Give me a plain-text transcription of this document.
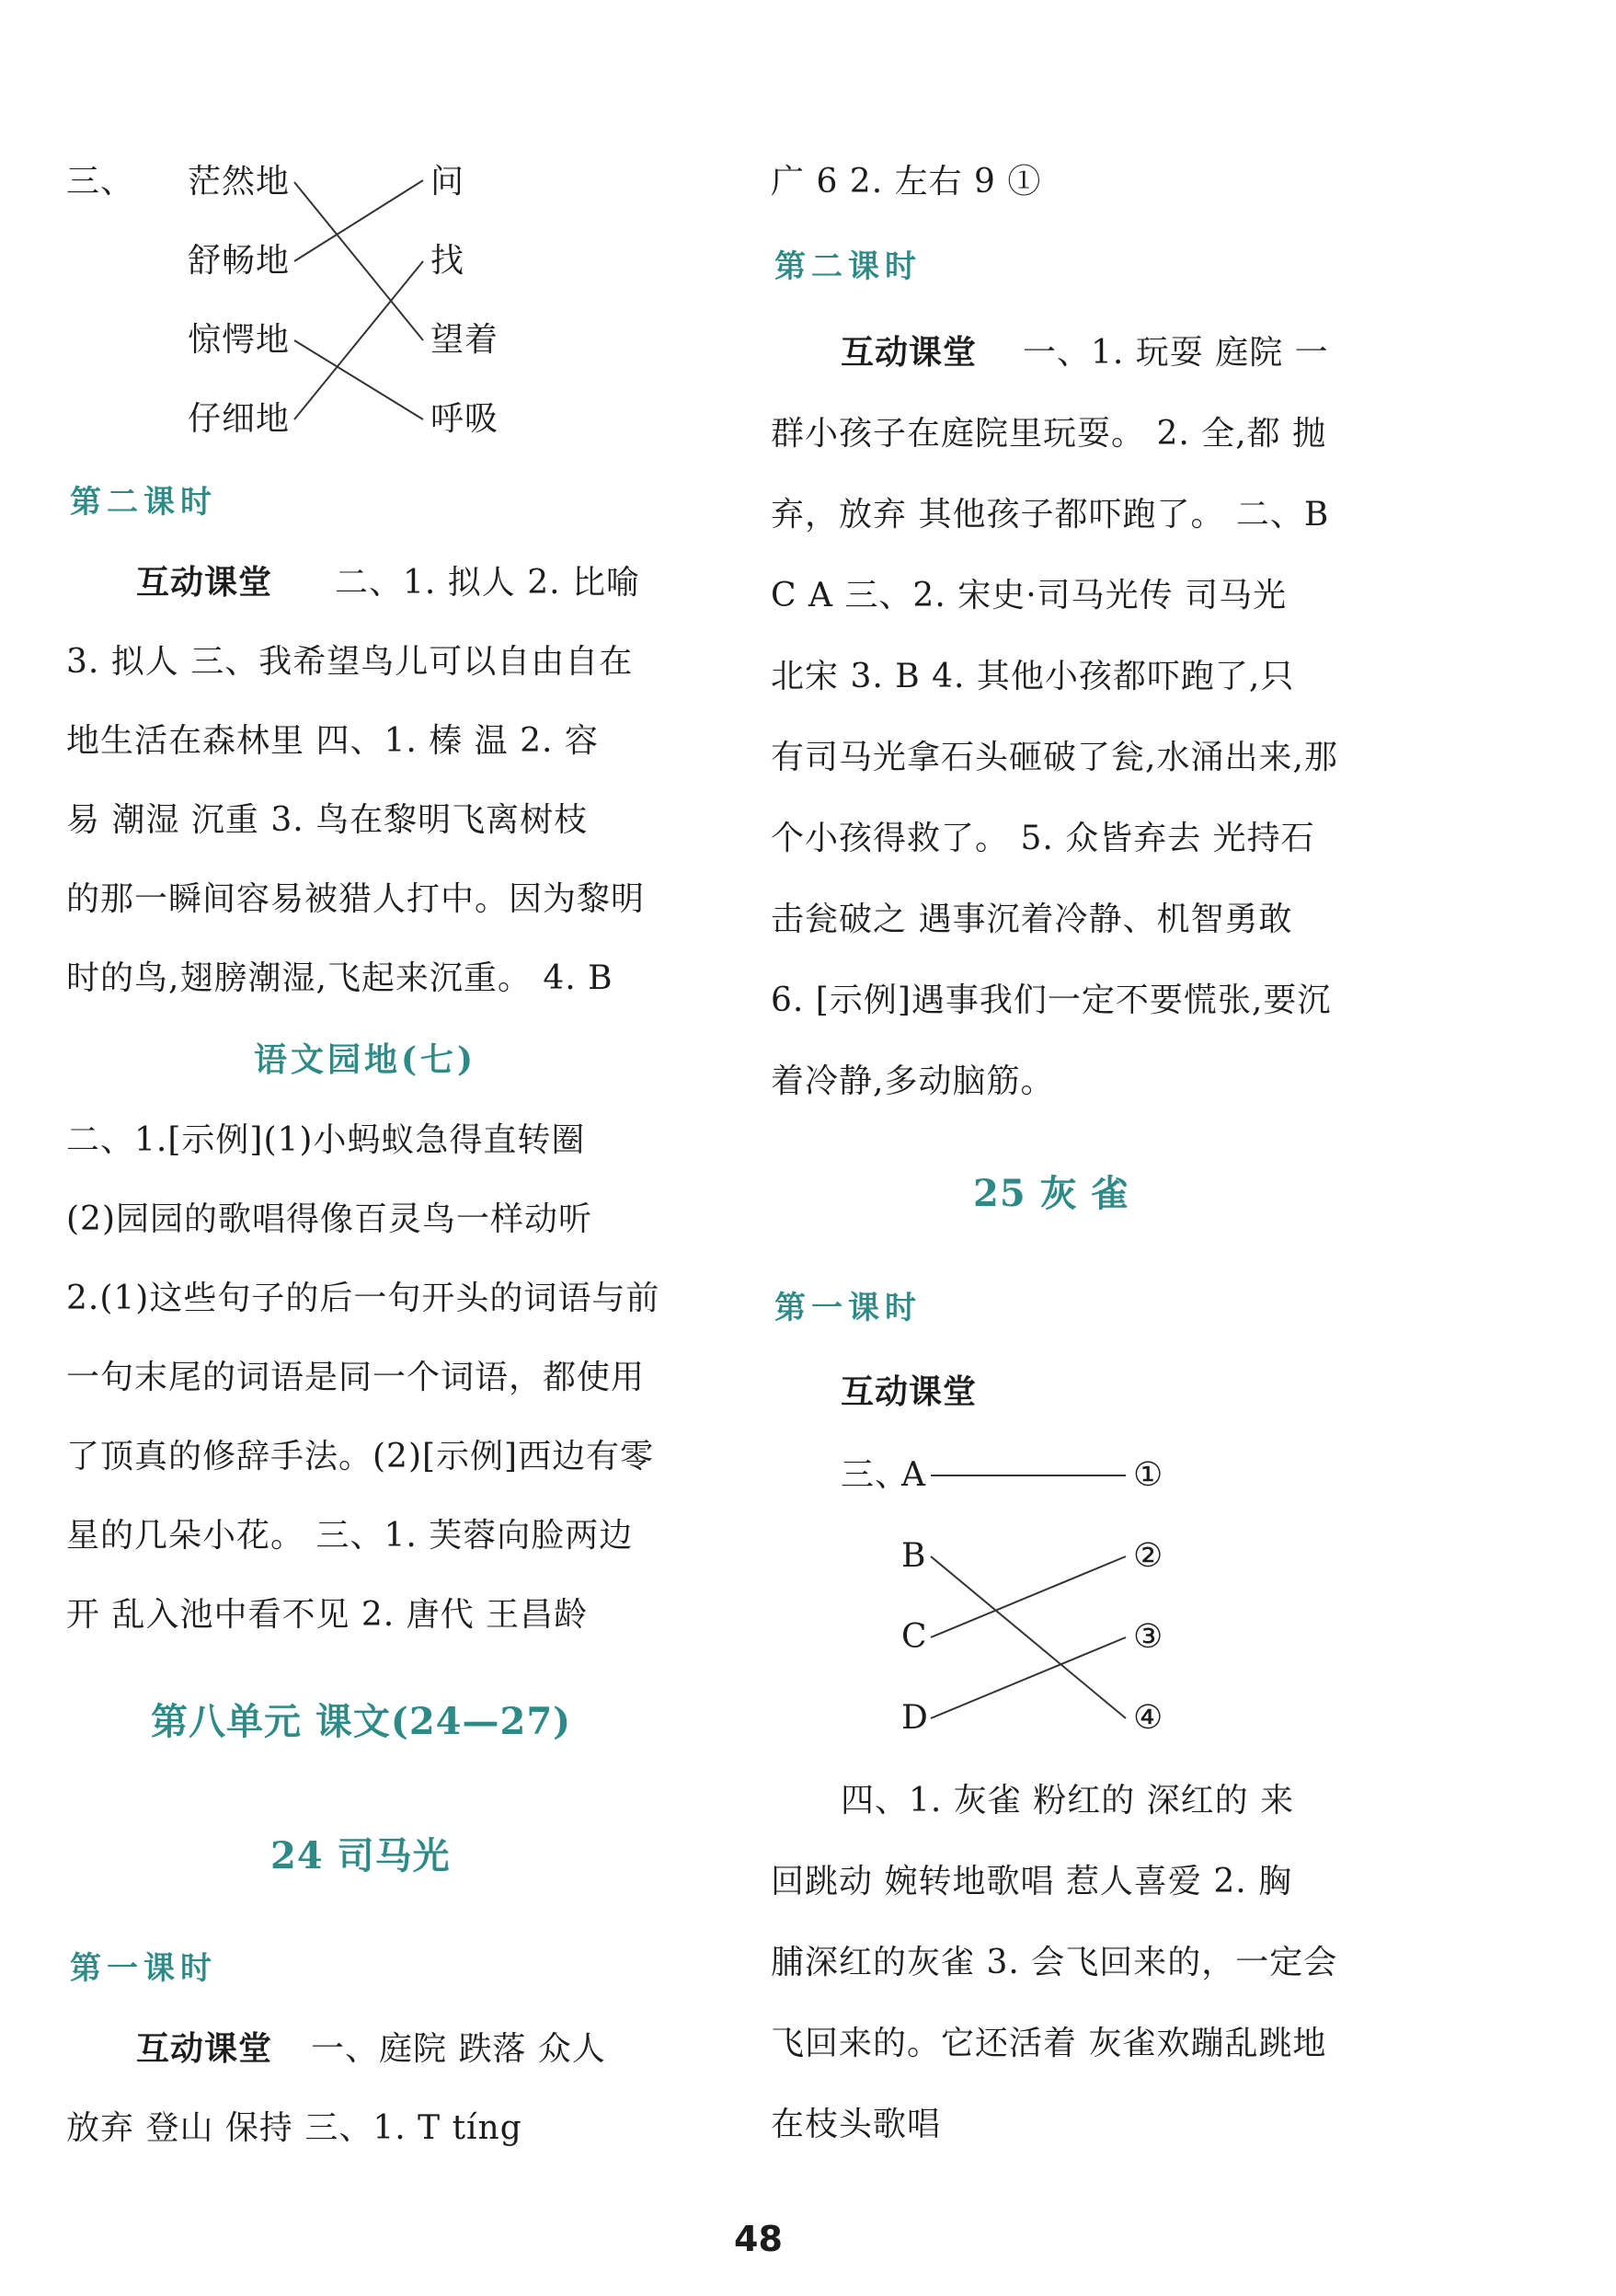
三、 茫然地
舒畅地
惊愕地
仔细地
问
找
望着
呼吸
第二课时
互动课堂 二、1. 拟人 2. 比喻
3. 拟人 三、我希望鸟儿可以自由自在
地生活在森林里 四、1. 榛 温 2. 容
易 潮湿 沉重 3. 鸟在黎明飞离树枝
的那一瞬间容易被猎人打中。因为黎明
时的鸟,翅膀潮湿,飞起来沉重。 4. B
语文园地(七)
二、1.[示例](1)小蚂蚁急得直转圈
(2)园园的歌唱得像百灵鸟一样动听
2.(1)这些句子的后一句开头的词语与前
一句末尾的词语是同一个词语，都使用
了顶真的修辞手法。(2)[示例]西边有零
星的几朵小花。 三、1. 芙蓉向脸两边
开 乱入池中看不见 2. 唐代 王昌龄
第八单元 课文(24—27)
24 司马光
第一课时
互动课堂 一、庭院 跌落 众人
放弃 登山 保持 三、1. T tíng
广 6 2. 左右 9 ①
第二课时
互动课堂 一、1. 玩耍 庭院 一
群小孩子在庭院里玩耍。 2. 全,都 抛
弃，放弃 其他孩子都吓跑了。 二、B
C A 三、2. 宋史·司马光传 司马光
北宋 3. B 4. 其他小孩都吓跑了,只
有司马光拿石头砸破了瓮,水涌出来,那
个小孩得救了。 5. 众皆弃去 光持石
击瓮破之 遇事沉着冷静、机智勇敢
6. [示例]遇事我们一定不要慌张,要沉
着冷静,多动脑筋。
25 灰 雀
第一课时
互动课堂
三、
A
B
C
D
①
②
③
④
四、1. 灰雀 粉红的 深红的 来
回跳动 婉转地歌唱 惹人喜爱 2. 胸
脯深红的灰雀 3. 会飞回来的，一定会
飞回来的。它还活着 灰雀欢蹦乱跳地
在枝头歌唱
48
